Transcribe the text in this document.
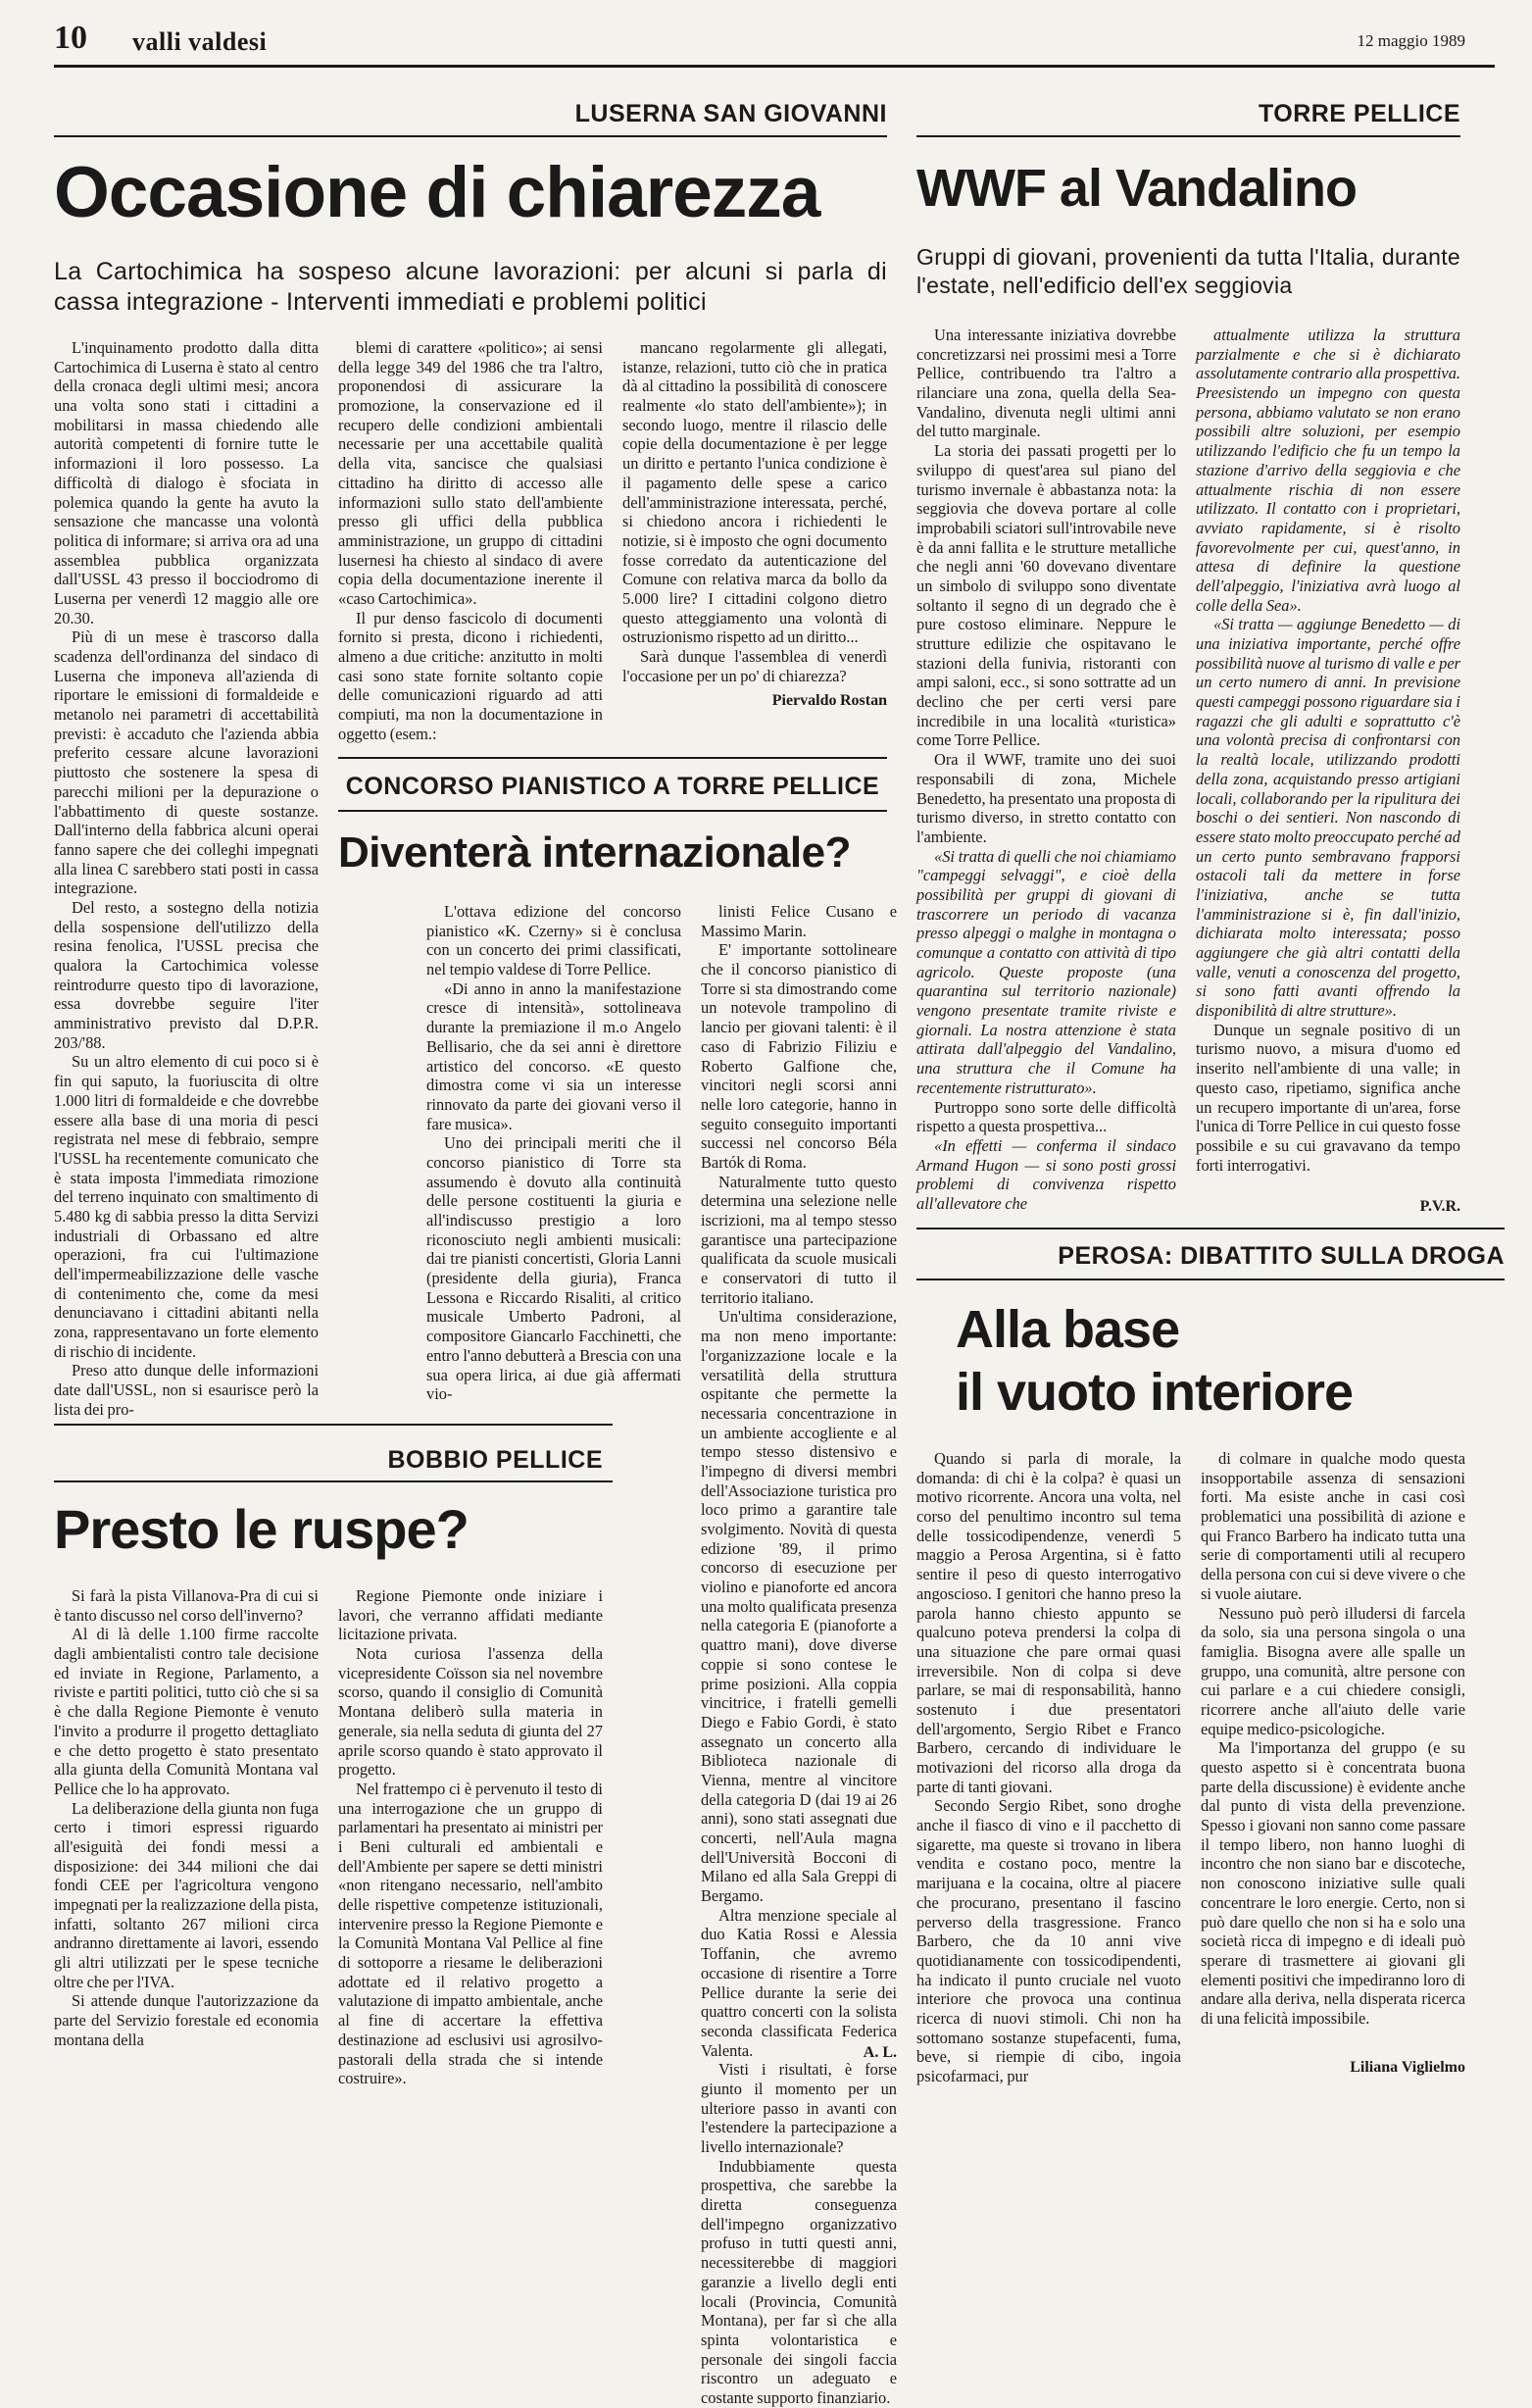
10 valli valdesi	12 maggio 1989
LUSERNA SAN GIOVANNI
Occasione di chiarezza
La Cartochimica ha sospeso alcune lavorazioni: per alcuni si parla di cassa integrazione - Interventi immediati e problemi politici

L'inquinamento prodotto dalla ditta Cartochimica di Luserna è stato al centro della cronaca degli ultimi mesi; ancora una volta sono stati i cittadini a mobilitarsi in massa chiedendo alle autorità competenti di fornire tutte le informazioni il loro possesso. La difficoltà di dialogo è sfociata in polemica quando la gente ha avuto la sensazione che mancasse una volontà politica di informare; si arriva ora ad una assemblea pubblica organizzata dall'USSL 43 presso il bocciodromo di Luserna per venerdì 12 maggio alle ore 20.30.

Più di un mese è trascorso dalla scadenza dell'ordinanza del sindaco di Luserna che imponeva all'azienda di riportare le emissioni di formaldeide e metanolo nei parametri di accettabilità previsti: è accaduto che l'azienda abbia preferito cessare alcune lavorazioni piuttosto che sostenere la spesa di parecchi milioni per la depurazione o l'abbattimento di queste sostanze. Dall'interno della fabbrica alcuni operai fanno sapere che dei colleghi impegnati alla linea C sarebbero stati posti in cassa integrazione.

Del resto, a sostegno della notizia della sospensione dell'utilizzo della resina fenolica, l'USSL precisa che qualora la Cartochimica volesse reintrodurre questo tipo di lavorazione, essa dovrebbe seguire l'iter amministrativo previsto dal D.P.R. 203/'88.

Su un altro elemento di cui poco si è fin qui saputo, la fuoriuscita di oltre 1.000 litri di formaldeide e che dovrebbe essere alla base di una moria di pesci registrata nel mese di febbraio, sempre l'USSL ha recentemente comunicato che è stata imposta l'immediata rimozione del terreno inquinato con smaltimento di 5.480 kg di sabbia presso la ditta Servizi industriali di Orbassano ed altre operazioni, fra cui l'ultimazione dell'impermeabilizzazione delle vasche di contenimento che, come da mesi denunciavano i cittadini abitanti nella zona, rappresentavano un forte elemento di rischio di incidente.

Preso atto dunque delle informazioni date dall'USSL, non si esaurisce però la lista dei pro-

blemi di carattere «politico»; ai sensi della legge 349 del 1986 che tra l'altro, proponendosi di assicurare la promozione, la conservazione ed il recupero delle condizioni ambientali necessarie per una accettabile qualità della vita, sancisce che qualsiasi cittadino ha diritto di accesso alle informazioni sullo stato dell'ambiente presso gli uffici della pubblica amministrazione, un gruppo di cittadini lusernesi ha chiesto al sindaco di avere copia della documentazione inerente il «caso Cartochimica».

Il pur denso fascicolo di documenti fornito si presta, dicono i richiedenti, almeno a due critiche: anzitutto in molti casi sono state fornite soltanto copie delle comunicazioni riguardo ad atti compiuti, ma non la documentazione in oggetto (esem.:

mancano regolarmente gli allegati, istanze, relazioni, tutto ciò che in pratica dà al cittadino la possibilità di conoscere realmente «lo stato dell'ambiente»); in secondo luogo, mentre il rilascio delle copie della documentazione è per legge un diritto e pertanto l'unica condizione è il pagamento delle spese a carico dell'amministrazione interessata, perché, si chiedono ancora i richiedenti le notizie, si è imposto che ogni documento fosse corredato da autenticazione del Comune con relativa marca da bollo da 5.000 lire? I cittadini colgono dietro questo atteggiamento una volontà di ostruzionismo rispetto ad un diritto...

Sarà dunque l'assemblea di venerdì l'occasione per un po' di chiarezza?

Piervaldo Rostan
CONCORSO PIANISTICO A TORRE PELLICE
Diventerà internazionale?

L'ottava edizione del concorso pianistico «K. Czerny» si è conclusa con un concerto dei primi classificati, nel tempio valdese di Torre Pellice.

«Di anno in anno la manifestazione cresce di intensità», sottolineava durante la premiazione il m.o Angelo Bellisario, che da sei anni è direttore artistico del concorso. «E questo dimostra come vi sia un interesse rinnovato da parte dei giovani verso il fare musica».

Uno dei principali meriti che il concorso pianistico di Torre sta assumendo è dovuto alla continuità delle persone costituenti la giuria e all'indiscusso prestigio a loro riconosciuto negli ambienti musicali: dai tre pianisti concertisti, Gloria Lanni (presidente della giuria), Franca Lessona e Riccardo Risaliti, al critico musicale Umberto Padroni, al compositore Giancarlo Facchinetti, che entro l'anno debutterà a Brescia con una sua opera lirica, ai due già affermati vio-

linisti Felice Cusano e Massimo Marin.

E' importante sottolineare che il concorso pianistico di Torre si sta dimostrando come un notevole trampolino di lancio per giovani talenti: è il caso di Fabrizio Filiziu e Roberto Galfione che, vincitori negli scorsi anni nelle loro categorie, hanno in seguito conseguito importanti successi nel concorso Béla Bartók di Roma.

Naturalmente tutto questo determina una selezione nelle iscrizioni, ma al tempo stesso garantisce una partecipazione qualificata da scuole musicali e conservatori di tutto il territorio italiano.

Un'ultima considerazione, ma non meno importante: l'organizzazione locale e la versatilità della struttura ospitante che permette la necessaria concentrazione in un ambiente accogliente e al tempo stesso distensivo e l'impegno di diversi membri dell'Associazione turistica pro loco primo a garantire tale svolgimento. Novità di questa edizione '89, il primo concorso di esecuzione per violino e pianoforte ed ancora una molto qualificata presenza nella categoria E (pianoforte a quattro mani), dove diverse coppie si sono contese le prime posizioni. Alla coppia vincitrice, i fratelli gemelli Diego e Fabio Gordi, è stato assegnato un concerto alla Biblioteca nazionale di Vienna, mentre al vincitore della categoria D (dai 19 ai 26 anni), sono stati assegnati due concerti, nell'Aula magna dell'Università Bocconi di Milano ed alla Sala Greppi di Bergamo.

Altra menzione speciale al duo Katia Rossi e Alessia Toffanin, che avremo occasione di risentire a Torre Pellice durante la serie dei quattro concerti con la solista seconda classificata Federica Valenta.

Visti i risultati, è forse giunto il momento per un ulteriore passo in avanti con l'estendere la partecipazione a livello internazionale?

Indubbiamente questa prospettiva, che sarebbe la diretta conseguenza dell'impegno organizzativo profuso in tutti questi anni, necessiterebbe di maggiori garanzie a livello degli enti locali (Provincia, Comunità Montana), per far sì che alla spinta volontaristica e personale dei singoli faccia riscontro un adeguato e costante supporto finanziario.

A. L.
BOBBIO PELLICE
Presto le ruspe?

Si farà la pista Villanova-Pra di cui si è tanto discusso nel corso dell'inverno?

Al di là delle 1.100 firme raccolte dagli ambientalisti contro tale decisione ed inviate in Regione, Parlamento, a riviste e partiti politici, tutto ciò che si sa è che dalla Regione Piemonte è venuto l'invito a produrre il progetto dettagliato e che detto progetto è stato presentato alla giunta della Comunità Montana val Pellice che lo ha approvato.

La deliberazione della giunta non fuga certo i timori espressi riguardo all'esiguità dei fondi messi a disposizione: dei 344 milioni che dai fondi CEE per l'agricoltura vengono impegnati per la realizzazione della pista, infatti, soltanto 267 milioni circa andranno direttamente ai lavori, essendo gli altri utilizzati per le spese tecniche oltre che per l'IVA.

Si attende dunque l'autorizzazione da parte del Servizio forestale ed economia montana della

Regione Piemonte onde iniziare i lavori, che verranno affidati mediante licitazione privata.

Nota curiosa l'assenza della vicepresidente Coïsson sia nel novembre scorso, quando il consiglio di Comunità Montana deliberò sulla materia in generale, sia nella seduta di giunta del 27 aprile scorso quando è stato approvato il progetto.

Nel frattempo ci è pervenuto il testo di una interrogazione che un gruppo di parlamentari ha presentato ai ministri per i Beni culturali ed ambientali e dell'Ambiente per sapere se detti ministri «non ritengano necessario, nell'ambito delle rispettive competenze istituzionali, intervenire presso la Regione Piemonte e la Comunità Montana Val Pellice al fine di sottoporre a riesame le deliberazioni adottate ed il relativo progetto a valutazione di impatto ambientale, anche al fine di accertare la effettiva destinazione ad esclusivi usi agrosilvo-pastorali della strada che si intende costruire».

TORRE PELLICE
WWF al Vandalino
Gruppi di giovani, provenienti da tutta l'Italia, durante l'estate, nell'edificio dell'ex seggiovia

Una interessante iniziativa dovrebbe concretizzarsi nei prossimi mesi a Torre Pellice, contribuendo tra l'altro a rilanciare una zona, quella della Sea-Vandalino, divenuta negli ultimi anni del tutto marginale.

La storia dei passati progetti per lo sviluppo di quest'area sul piano del turismo invernale è abbastanza nota: la seggiovia che doveva portare al colle improbabili sciatori sull'introvabile neve è da anni fallita e le strutture metalliche che negli anni '60 dovevano diventare un simbolo di sviluppo sono diventate soltanto il segno di un degrado che è pure costoso eliminare. Neppure le strutture edilizie che ospitavano le stazioni della funivia, ristoranti con ampi saloni, ecc., si sono sottratte ad un declino che per certi versi pare incredibile in una località «turistica» come Torre Pellice.

Ora il WWF, tramite uno dei suoi responsabili di zona, Michele Benedetto, ha presentato una proposta di turismo diverso, in stretto contatto con l'ambiente.

«Si tratta di quelli che noi chiamiamo "campeggi selvaggi", e cioè della possibilità per gruppi di giovani di trascorrere un periodo di vacanza presso alpeggi o malghe in montagna o comunque a contatto con attività di tipo agricolo. Queste proposte (una quarantina sul territorio nazionale) vengono presentate tramite riviste e giornali. La nostra attenzione è stata attirata dall'alpeggio del Vandalino, una struttura che il Comune ha recentemente ristrutturato».

Purtroppo sono sorte delle difficoltà rispetto a questa prospettiva...

«In effetti — conferma il sindaco Armand Hugon — si sono posti grossi problemi di convivenza rispetto all'allevatore che

attualmente utilizza la struttura parzialmente e che si è dichiarato assolutamente contrario alla prospettiva. Preesistendo un impegno con questa persona, abbiamo valutato se non erano possibili altre soluzioni, per esempio utilizzando l'edificio che fu un tempo la stazione d'arrivo della seggiovia e che attualmente rischia di non essere utilizzato. Il contatto con i proprietari, avviato rapidamente, si è risolto favorevolmente per cui, quest'anno, in attesa di definire la questione dell'alpeggio, l'iniziativa avrà luogo al colle della Sea».

«Si tratta — aggiunge Benedetto — di una iniziativa importante, perché offre possibilità nuove al turismo di valle e per un certo numero di anni. In previsione questi campeggi possono riguardare sia i ragazzi che gli adulti e soprattutto c'è una volontà precisa di confrontarsi con la realtà locale, utilizzando prodotti della zona, acquistando presso artigiani locali, collaborando per la ripulitura dei boschi o dei sentieri. Non nascondo di essere stato molto preoccupato perché ad un certo punto sembravano frapporsi ostacoli tali da mettere in forse l'iniziativa, anche se tutta l'amministrazione si è, fin dall'inizio, dichiarata molto interessata; posso aggiungere che già altri contatti della valle, venuti a conoscenza del progetto, si sono fatti avanti offrendo la disponibilità di altre strutture».

Dunque un segnale positivo di un turismo nuovo, a misura d'uomo ed inserito nell'ambiente di una valle; in questo caso, ripetiamo, significa anche un recupero importante di un'area, forse l'unica di Torre Pellice in cui questo fosse possibile e su cui gravavano da tempo forti interrogativi.

P.V.R.
PEROSA: DIBATTITO SULLA DROGA
Alla base
il vuoto interiore

Quando si parla di morale, la domanda: di chi è la colpa? è quasi un motivo ricorrente. Ancora una volta, nel corso del penultimo incontro sul tema delle tossicodipendenze, venerdì 5 maggio a Perosa Argentina, si è fatto sentire il peso di questo interrogativo angoscioso. I genitori che hanno preso la parola hanno chiesto appunto se qualcuno poteva prendersi la colpa di una situazione che pare ormai quasi irreversibile. Non di colpa si deve parlare, se mai di responsabilità, hanno sostenuto i due presentatori dell'argomento, Sergio Ribet e Franco Barbero, cercando di individuare le motivazioni del ricorso alla droga da parte di tanti giovani.

Secondo Sergio Ribet, sono droghe anche il fiasco di vino e il pacchetto di sigarette, ma queste si trovano in libera vendita e costano poco, mentre la marijuana e la cocaina, oltre al piacere che procurano, presentano il fascino perverso della trasgressione. Franco Barbero, che da 10 anni vive quotidianamente con tossicodipendenti, ha indicato il punto cruciale nel vuoto interiore che provoca una continua ricerca di nuovi stimoli. Chi non ha sottomano sostanze stupefacenti, fuma, beve, si riempie di cibo, ingoia psicofarmaci, pur

di colmare in qualche modo questa insopportabile assenza di sensazioni forti. Ma esiste anche in casi così problematici una possibilità di azione e qui Franco Barbero ha indicato tutta una serie di comportamenti utili al recupero della persona con cui si deve vivere o che si vuole aiutare.

Nessuno può però illudersi di farcela da solo, sia una persona singola o una famiglia. Bisogna avere alle spalle un gruppo, una comunità, altre persone con cui parlare e a cui chiedere consigli, ricorrere anche all'aiuto delle varie equipe medico-psicologiche.

Ma l'importanza del gruppo (e su questo aspetto si è concentrata buona parte della discussione) è evidente anche dal punto di vista della prevenzione. Spesso i giovani non sanno come passare il tempo libero, non hanno luoghi di incontro che non siano bar e discoteche, non conoscono iniziative sulle quali concentrare le loro energie. Certo, non si può dare quello che non si ha e solo una società ricca di impegno e di ideali può sperare di trasmettere ai giovani gli elementi positivi che impediranno loro di andare alla deriva, nella disperata ricerca di una felicità impossibile.

Liliana Viglielmo
